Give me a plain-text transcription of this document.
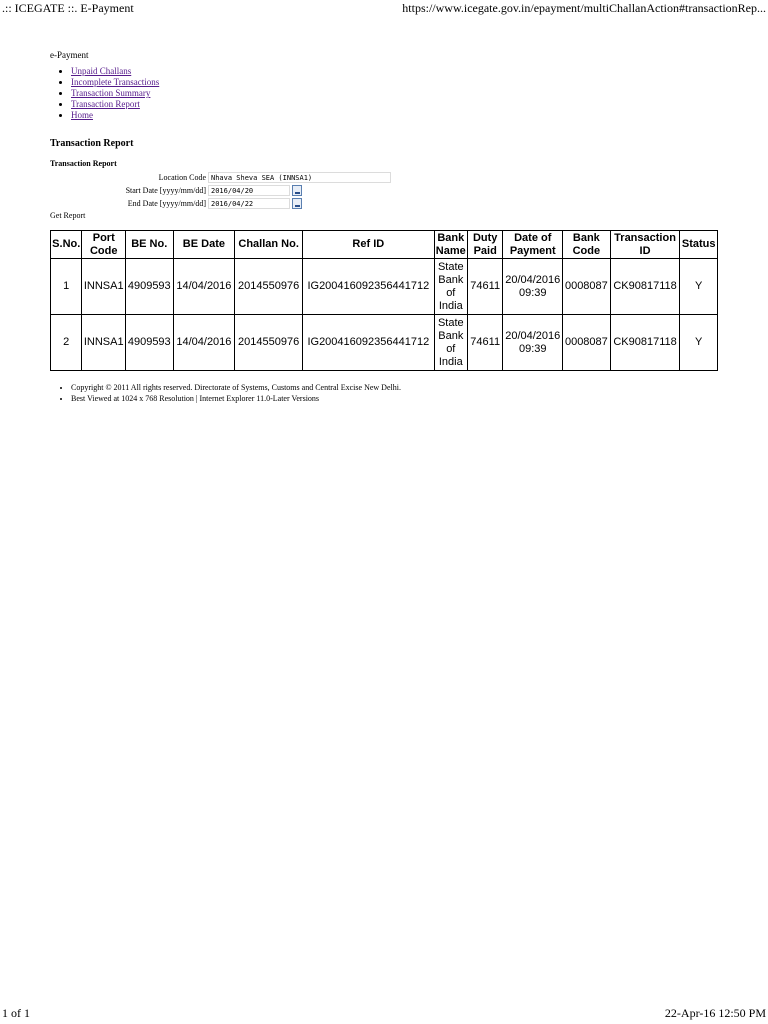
.:: ICEGATE ::. E-Payment	https://www.icegate.gov.in/epayment/multiChallanAction#transactionRep...
e-Payment
• Unpaid Challans
• Incomplete Transactions
• Transaction Summary
• Transaction Report
• Home
Transaction Report
Transaction Report
Location Code Nhava Sheva SEA (INNSA1)
Start Date [yyyy/mm/dd] 2016/04/20
End Date [yyyy/mm/dd] 2016/04/22
Get Report
S.No.	Port Code	BE No.	BE Date	Challan No.	Ref ID	Bank Name	Duty Paid	Date of Payment	Bank Code	Transaction ID	Status
1	INNSA1	4909593	14/04/2016	2014550976	IG200416092356441712	State Bank of India	74611	20/04/2016 09:39	0008087	CK90817118	Y
2	INNSA1	4909593	14/04/2016	2014550976	IG200416092356441712	State Bank of India	74611	20/04/2016 09:39	0008087	CK90817118	Y
• Copyright © 2011 All rights reserved. Directorate of Systems, Customs and Central Excise New Delhi.
• Best Viewed at 1024 x 768 Resolution | Internet Explorer 11.0-Later Versions
1 of 1	22-Apr-16 12:50 PM
